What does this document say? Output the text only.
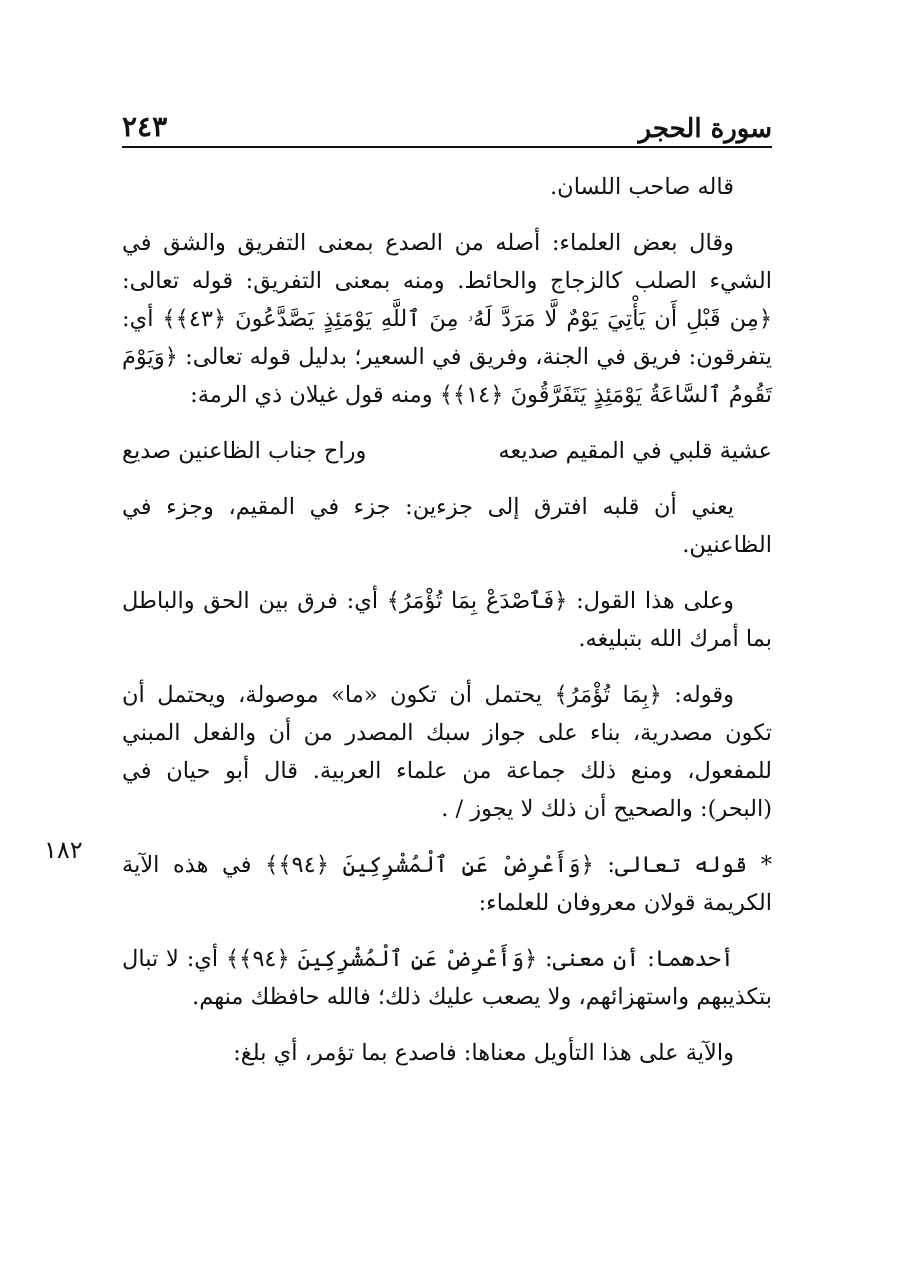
سورة الحجر
٢٤٣
١٨٢

قاله صاحب اللسان.

وقال بعض العلماء: أصله من الصدع بمعنى التفريق والشق في الشيء الصلب كالزجاج والحائط. ومنه بمعنى التفريق: قوله تعالى: ﴿مِن قَبْلِ أَن يَأْتِيَ يَوْمٌ لَّا مَرَدَّ لَهُۥ مِنَ ٱللَّهِ يَوْمَئِذٍ يَصَّدَّعُونَ ﴿٤٣﴾﴾ أي: يتفرقون: فريق في الجنة، وفريق في السعير؛ بدليل قوله تعالى: ﴿وَيَوْمَ تَقُومُ ٱلسَّاعَةُ يَوْمَئِذٍ يَتَفَرَّقُونَ ﴿١٤﴾﴾ ومنه قول غيلان ذي الرمة:

عشية قلبي في المقيم صديعه
وراح جناب الظاعنين صديع

يعني أن قلبه افترق إلى جزءين: جزء في المقيم، وجزء في الظاعنين.

وعلى هذا القول: ﴿فَٱصْدَعْ بِمَا تُؤْمَرُ﴾ أي: فرق بين الحق والباطل بما أمرك الله بتبليغه.

وقوله: ﴿بِمَا تُؤْمَرُ﴾ يحتمل أن تكون «ما» موصولة، ويحتمل أن تكون مصدرية، بناء على جواز سبك المصدر من أن والفعل المبني للمفعول، ومنع ذلك جماعة من علماء العربية. قال أبو حيان في (البحر): والصحيح أن ذلك لا يجوز / .

* قوله تعالى: ﴿وَأَعْرِضْ عَنِ ٱلْمُشْرِكِينَ ﴿٩٤﴾﴾ في هذه الآية الكريمة قولان معروفان للعلماء:

أحدهما: أن معنى: ﴿وَأَعْرِضْ عَنِ ٱلْمُشْرِكِينَ ﴿٩٤﴾﴾ أي: لا تبال بتكذيبهم واستهزائهم، ولا يصعب عليك ذلك؛ فالله حافظك منهم.

والآية على هذا التأويل معناها: فاصدع بما تؤمر، أي بلغ:
